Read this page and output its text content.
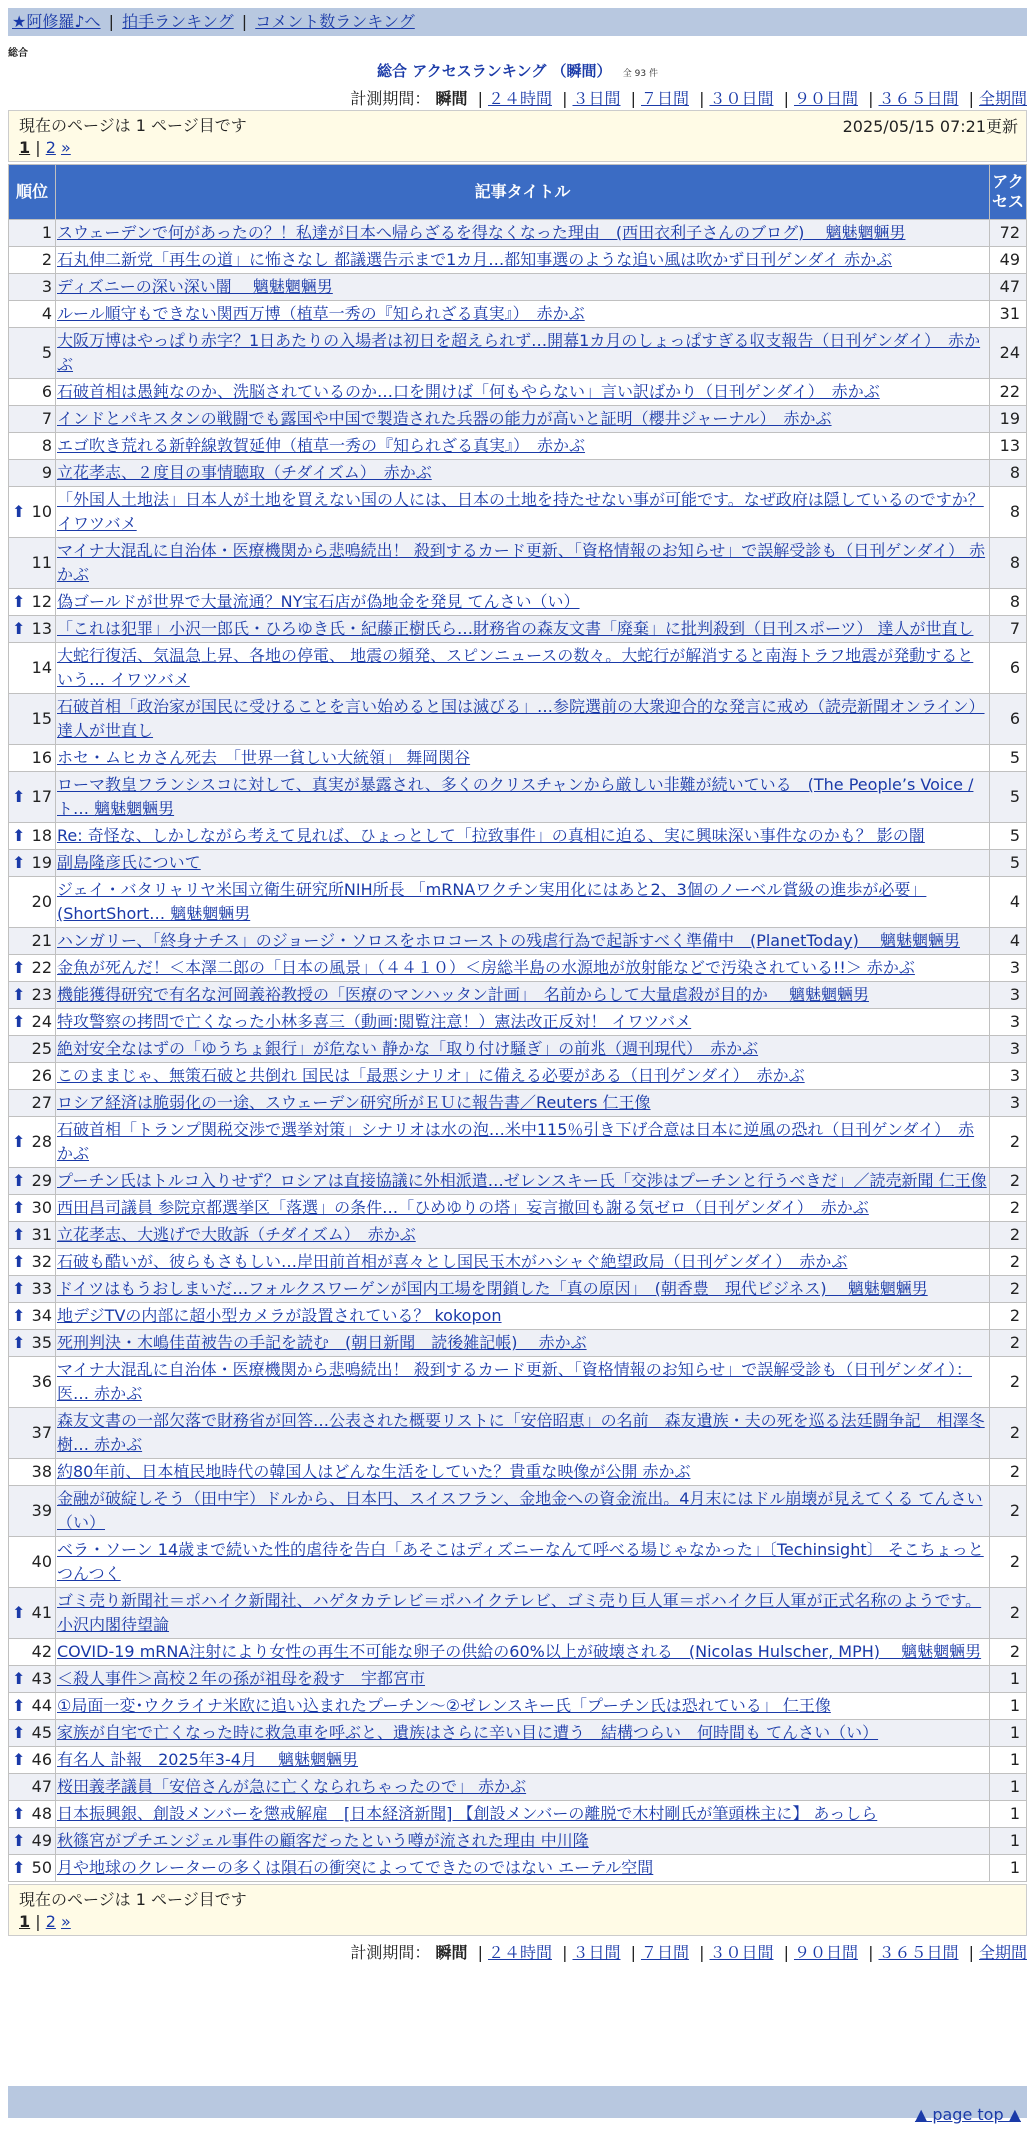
★阿修羅♪へ | 拍手ランキング | コメント数ランキング
総合
総合 アクセスランキング （瞬間） 全 93 件
計測期間： 瞬間 | ２４時間 | ３日間 | ７日間 | ３０日間 | ９０日間 | ３６５日間 | 全期間
現在のページは 1 ページ目です	2025/05/15 07:21更新
1 | 2 »
順位	記事タイトル	アクセス

1	スウェーデンで何があったの？！私達が日本へ帰らざるを得なくなった理由　(西田衣利子さんのブログ)　 魑魅魍魎男	72

2	石丸伸二新党「再生の道」に怖さなし 都議選告示まで1カ月…都知事選のような追い風は吹かず日刊ゲンダイ 赤かぶ	49

3	ディズニーの深い深い闇　 魑魅魍魎男	47

4	ルール順守もできない関西万博（植草一秀の『知られざる真実』）　赤かぶ	31

5	大阪万博はやっぱり赤字？1日あたりの入場者は初日を超えられず…開幕1カ月のしょっぱすぎる収支報告（日刊ゲンダイ）　赤かぶ	24

6	石破首相は愚鈍なのか、洗脳されているのか…口を開けば「何もやらない」言い訳ばかり（日刊ゲンダイ）　赤かぶ	22

7	インドとパキスタンの戦闘でも露国や中国で製造された兵器の能力が高いと証明（櫻井ジャーナル）　赤かぶ	19

8	エゴ吹き荒れる新幹線敦賀延伸（植草一秀の『知られざる真実』）　赤かぶ	13

9	立花孝志、２度目の事情聴取（チダイズム）　赤かぶ	8

⬆ 10	「外国人土地法」日本人が土地を買えない国の人には、日本の土地を持たせない事が可能です。なぜ政府は隠しているのですか？ イワツバメ	8

11	マイナ大混乱に自治体・医療機関から悲鳴続出！ 殺到するカード更新、「資格情報のお知らせ」で誤解受診も（日刊ゲンダイ） 赤かぶ	8

⬆ 12	偽ゴールドが世界で大量流通？NY宝石店が偽地金を発見 てんさい（い）	8

⬆ 13	「これは犯罪」小沢一郎氏・ひろゆき氏・紀藤正樹氏ら…財務省の森友文書「廃棄」に批判殺到（日刊スポーツ） 達人が世直し	7

14	大蛇行復活、気温急上昇、各地の停電、 地震の頻発、スピンニュースの数々。大蛇行が解消すると南海トラフ地震が発動するという… イワツバメ	6

15	石破首相「政治家が国民に受けることを言い始めると国は滅びる」…参院選前の大衆迎合的な発言に戒め（読売新聞オンライン） 達人が世直し	6

16	ホセ・ムヒカさん死去　「世界一貧しい大統領」 舞岡関谷	5

⬆ 17	ローマ教皇フランシスコに対して、真実が暴露され、多くのクリスチャンから厳しい非難が続いている　(The People’s Voice / ト… 魑魅魍魎男	5

⬆ 18	Re: 奇怪な、しかしながら考えて見れば、ひょっとして「拉致事件」の真相に迫る、実に興味深い事件なのかも？ 影の闇	5

⬆ 19	副島隆彦氏について	5

20	ジェイ・バタリャリヤ米国立衛生研究所NIH所長 「mRNAワクチン実用化にはあと2、3個のノーベル賞級の進歩が必要」 (ShortShort… 魑魅魍魎男	4

21	ハンガリー、「終身ナチス」のジョージ・ソロスをホロコーストの残虐行為で起訴すべく準備中　(PlanetToday)　 魑魅魍魎男	4

⬆ 22	金魚が死んだ！＜本澤二郎の「日本の風景」（４４１０）＜房総半島の水源地が放射能などで汚染されている!!＞ 赤かぶ	3

⬆ 23	機能獲得研究で有名な河岡義裕教授の「医療のマンハッタン計画」　名前からして大量虐殺が目的か　 魑魅魍魎男	3

⬆ 24	特攻警察の拷問で亡くなった小林多喜三（動画:閲覧注意！）憲法改正反対！ イワツバメ	3

25	絶対安全なはずの「ゆうちょ銀行」が危ない 静かな「取り付け騒ぎ」の前兆（週刊現代）　赤かぶ	3

26	このままじゃ、無策石破と共倒れ 国民は「最悪シナリオ」に備える必要がある（日刊ゲンダイ）　赤かぶ	3

27	ロシア経済は脆弱化の一途、スウェーデン研究所がＥＵに報告書／Reuters 仁王像	3

⬆ 28	石破首相「トランプ関税交渉で選挙対策」シナリオは水の泡…米中115％引き下げ合意は日本に逆風の恐れ（日刊ゲンダイ）　赤かぶ	2

⬆ 29	プーチン氏はトルコ入りせず？ロシアは直接協議に外相派遣…ゼレンスキー氏「交渉はプーチンと行うべきだ」／読売新聞 仁王像	2

⬆ 30	西田昌司議員 参院京都選挙区「落選」の条件…「ひめゆりの塔」妄言撤回も謝る気ゼロ（日刊ゲンダイ）　赤かぶ	2

⬆ 31	立花孝志、大逃げで大敗訴（チダイズム）　赤かぶ	2

⬆ 32	石破も酷いが、彼らもさもしい…岸田前首相が喜々とし国民玉木がハシャぐ絶望政局（日刊ゲンダイ）　赤かぶ	2

⬆ 33	ドイツはもうおしまいだ…フォルクスワーゲンが国内工場を閉鎖した「真の原因」　(朝香豊　現代ビジネス)　 魑魅魍魎男	2

⬆ 34	地デジTVの内部に超小型カメラが設置されている？ kokopon	2

⬆ 35	死刑判決・木嶋佳苗被告の手記を読む　(朝日新聞　読後雑記帳)　 赤かぶ	2

36	マイナ大混乱に自治体・医療機関から悲鳴続出！ 殺到するカード更新、「資格情報のお知らせ」で誤解受診も（日刊ゲンダイ）：医… 赤かぶ	2

37	森友文書の一部欠落で財務省が回答…公表された概要リストに「安倍昭恵」の名前　森友遺族・夫の死を巡る法廷闘争記　相澤冬樹… 赤かぶ	2

38	約80年前、日本植民地時代の韓国人はどんな生活をしていた？貴重な映像が公開 赤かぶ	2

39	金融が破綻しそう（田中宇）ドルから、日本円、スイスフラン、金地金への資金流出。4月末にはドル崩壊が見えてくる てんさい（い）	2

40	ベラ・ソーン 14歳まで続いた性的虐待を告白「あそこはディズニーなんて呼べる場じゃなかった」〔Techinsight〕 そこちょっとつんつく	2

⬆ 41	ゴミ売り新聞社＝ポハイク新聞社、ハゲタカテレビ＝ポハイクテレビ、ゴミ売り巨人軍＝ポハイク巨人軍が正式名称のようです。 小沢内閣待望論	2

42	COVID-19 mRNA注射により女性の再生不可能な卵子の供給の60%以上が破壊される　(Nicolas Hulscher, MPH)　 魑魅魍魎男	2

⬆ 43	＜殺人事件＞高校２年の孫が祖母を殺す　宇都宮市	1

⬆ 44	①局面一変･ウクライナ米欧に追い込まれたプーチン〜②ゼレンスキー氏「プーチン氏は恐れている」 仁王像	1

⬆ 45	家族が自宅で亡くなった時に救急車を呼ぶと、遺族はさらに辛い目に遭う　結構つらい　何時間も てんさい（い）	1

⬆ 46	有名人 訃報　2025年3-4月　 魑魅魍魎男	1

47	桜田義孝議員「安倍さんが急に亡くなられちゃったので」 赤かぶ	1

⬆ 48	日本振興銀、創設メンバーを懲戒解雇　[日本経済新聞] 【創設メンバーの離脱で木村剛氏が筆頭株主に】 あっしら	1

⬆ 49	秋篠宮がプチエンジェル事件の顧客だったという噂が流された理由 中川隆	1

⬆ 50	月や地球のクレーターの多くは隕石の衝突によってできたのではない エーテル空間	1
現在のページは 1 ページ目です
1 | 2 »
計測期間： 瞬間 | ２４時間 | ３日間 | ７日間 | ３０日間 | ９０日間 | ３６５日間 | 全期間
▲ page top ▲
